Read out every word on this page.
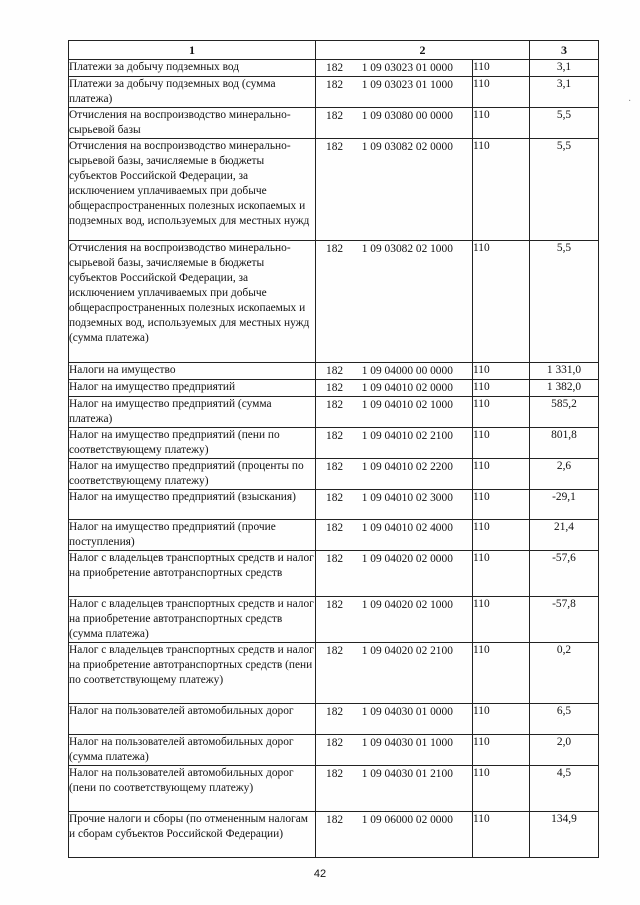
1	2		3
Платежи за добычу подземных вод	182 1 09 03023 01 0000	110	3,1
Платежи за добычу подземных вод (сумма платежа)	182 1 09 03023 01 1000	110	3,1
Отчисления на воспроизводство минерально-сырьевой базы	182 1 09 03080 00 0000	110	5,5
Отчисления на воспроизводство минерально-сырьевой базы, зачисляемые в бюджеты субъектов Российской Федерации, за исключением уплачиваемых при добыче общераспространенных полезных ископаемых и подземных вод, используемых для местных нужд	182 1 09 03082 02 0000	110	5,5
Отчисления на воспроизводство минерально-сырьевой базы, зачисляемые в бюджеты субъектов Российской Федерации, за исключением уплачиваемых при добыче общераспространенных полезных ископаемых и подземных вод, используемых для местных нужд (сумма платежа)	182 1 09 03082 02 1000	110	5,5
Налоги на имущество	182 1 09 04000 00 0000	110	1 331,0
Налог на имущество предприятий	182 1 09 04010 02 0000	110	1 382,0
Налог на имущество предприятий (сумма платежа)	182 1 09 04010 02 1000	110	585,2
Налог на имущество предприятий (пени по соответствующему платежу)	182 1 09 04010 02 2100	110	801,8
Налог на имущество предприятий (проценты по соответствующему платежу)	182 1 09 04010 02 2200	110	2,6
Налог на имущество предприятий (взыскания)	182 1 09 04010 02 3000	110	-29,1
Налог на имущество предприятий (прочие поступления)	182 1 09 04010 02 4000	110	21,4
Налог с владельцев транспортных средств и налог на приобретение автотранспортных средств	182 1 09 04020 02 0000	110	-57,6
Налог с владельцев транспортных средств и налог на приобретение автотранспортных средств (сумма платежа)	182 1 09 04020 02 1000	110	-57,8
Налог с владельцев транспортных средств и налог на приобретение автотранспортных средств (пени по соответствующему платежу)	182 1 09 04020 02 2100	110	0,2
Налог на пользователей автомобильных дорог	182 1 09 04030 01 0000	110	6,5
Налог на пользователей автомобильных дорог (сумма платежа)	182 1 09 04030 01 1000	110	2,0
Налог на пользователей автомобильных дорог (пени по соответствующему платежу)	182 1 09 04030 01 2100	110	4,5
Прочие налоги и сборы (по отмененным налогам и сборам субъектов Российской Федерации)	182 1 09 06000 02 0000	110	134,9
·
42
